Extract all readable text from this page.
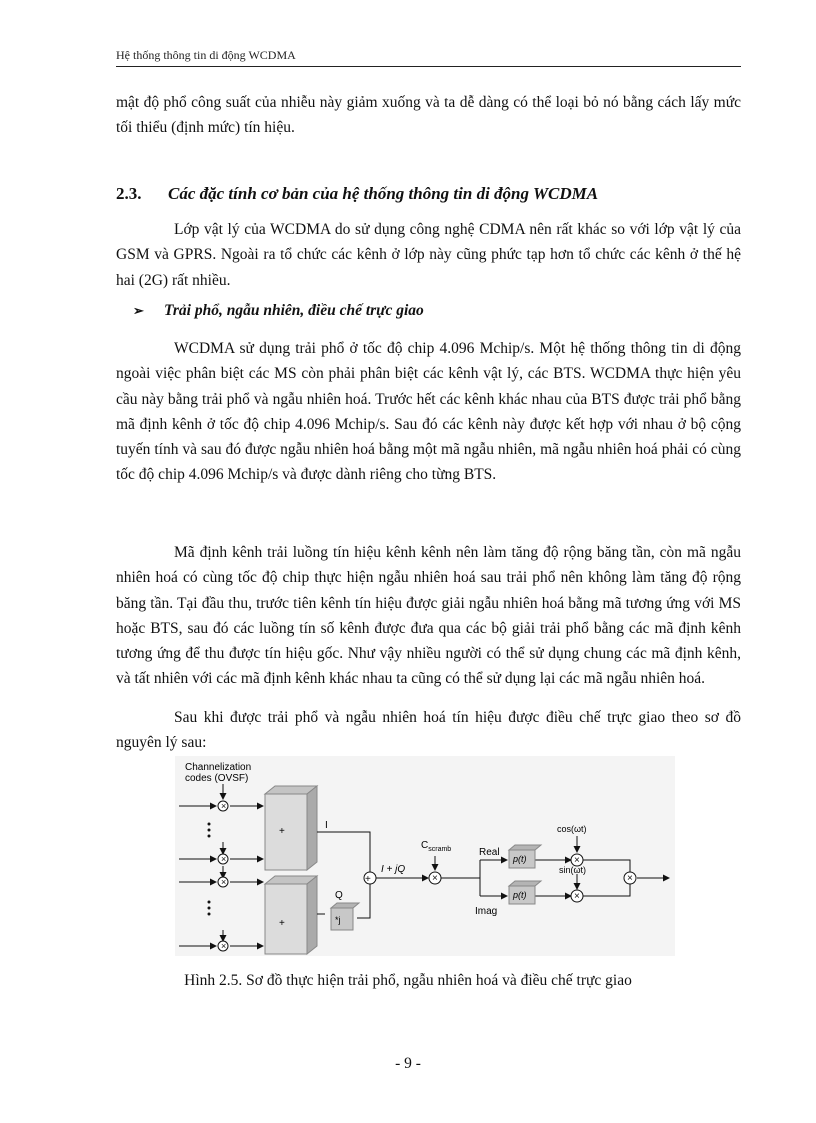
Hệ thống thông tin di động WCDMA

mật độ phổ công suất của nhiễu này giảm xuống và ta dễ dàng có thể loại bỏ nó bằng cách lấy mức tối thiểu (định mức) tín hiệu.

2.3. Các đặc tính cơ bản của hệ thống thông tin di động WCDMA

Lớp vật lý của WCDMA do sử dụng công nghệ CDMA nên rất khác so với lớp vật lý của GSM và GPRS. Ngoài ra tổ chức các kênh ở lớp này cũng phức tạp hơn tổ chức các kênh ở thế hệ hai (2G) rất nhiều.

➢ Trải phổ, ngẫu nhiên, điều chế trực giao

WCDMA sử dụng trải phổ ở tốc độ chip 4.096 Mchip/s. Một hệ thống thông tin di động ngoài việc phân biệt các MS còn phải phân biệt các kênh vật lý, các BTS. WCDMA thực hiện yêu cầu này bằng trải phổ và ngẫu nhiên hoá. Trước hết các kênh khác nhau của BTS được trải phổ bằng mã định kênh ở tốc độ chip 4.096 Mchip/s. Sau đó các kênh này được kết hợp với nhau ở bộ cộng tuyến tính và sau đó được ngẫu nhiên hoá bằng một mã ngẫu nhiên, mã ngẫu nhiên hoá phải có cùng tốc độ chip 4.096 Mchip/s và được dành riêng cho từng BTS.

Mã định kênh trải luồng tín hiệu kênh kênh nên làm tăng độ rộng băng tần, còn mã ngẫu nhiên hoá có cùng tốc độ chip thực hiện ngẫu nhiên hoá sau trải phổ nên không làm tăng độ rộng băng tần. Tại đầu thu, trước tiên kênh tín hiệu được giải ngẫu nhiên hoá bằng mã tương ứng với MS hoặc BTS, sau đó các luồng tín số kênh được đưa qua các bộ giải trải phổ bằng các mã định kênh tương ứng để thu được tín hiệu gốc. Như vậy nhiều người có thể sử dụng chung các mã định kênh, và tất nhiên với các mã định kênh khác nhau ta cũng có thể sử dụng lại các mã ngẫu nhiên hoá.

Sau khi được trải phổ và ngẫu nhiên hoá tín hiệu được điều chế trực giao theo sơ đồ nguyên lý sau:

Channelization
codes (OVSF)
×
×
×
×
+
+	*j
+	×
×
×
×
p(t)
p(t)
I
Q
I + jQ
$C_{scramb}$	Real
Imag
cos(ωt)
sin(ωt)

Hình 2.5. Sơ đồ thực hiện trải phổ, ngẫu nhiên hoá và điều chế trực giao

- 9 -
